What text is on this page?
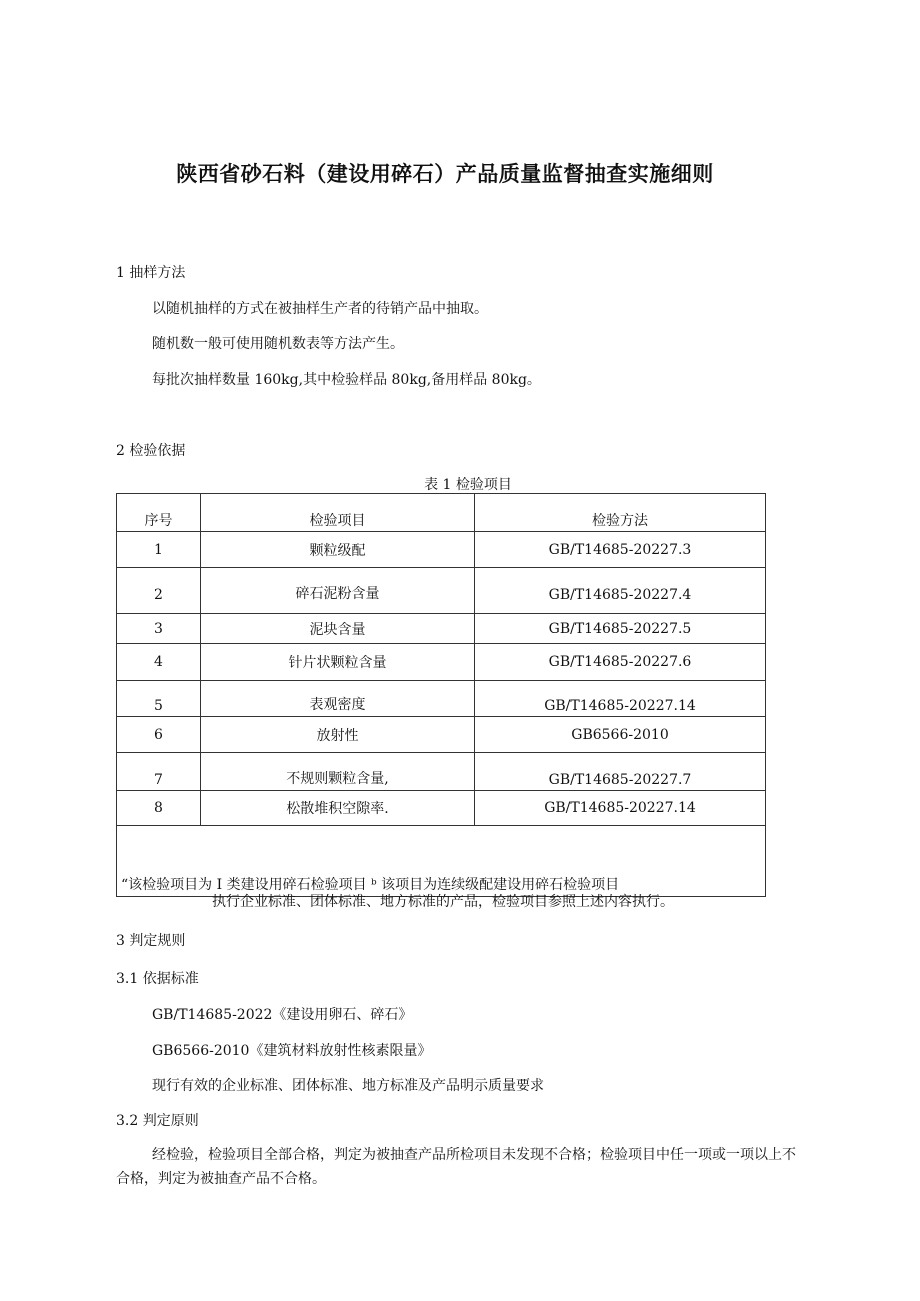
陕西省砂石料（建设用碎石）产品质量监督抽查实施细则
1 抽样方法
以随机抽样的方式在被抽样生产者的待销产品中抽取。
随机数一般可使用随机数表等方法产生。
每批次抽样数量 160kg,其中检验样品 80kg,备用样品 80kg。
2 检验依据
表 1 检验项目
序号	检验项目	检验方法
1	颗粒级配	GB/T14685-20227.3
2	碎石泥粉含量	GB/T14685-20227.4
3	泥块含量	GB/T14685-20227.5
4	针片状颗粒含量	GB/T14685-20227.6
5	表观密度	GB/T14685-20227.14
6	放射性	GB6566-2010
7	不规则颗粒含量,	GB/T14685-20227.7
8	松散堆积空隙率.	GB/T14685-20227.14
“该检验项目为 I 类建设用碎石检验项目 ᵇ 该项目为连续级配建设用碎石检验项目		
执行企业标准、团体标准、地方标准的产品，检验项目参照上述内容执行。
3 判定规则
3.1 依据标准
GB/T14685-2022《建设用卵石、碎石》
GB6566-2010《建筑材料放射性核素限量》
现行有效的企业标准、团体标准、地方标准及产品明示质量要求
3.2 判定原则
经检验，检验项目全部合格，判定为被抽查产品所检项目未发现不合格；检验项目中任一项或一项以上不合格，判定为被抽查产品不合格。
